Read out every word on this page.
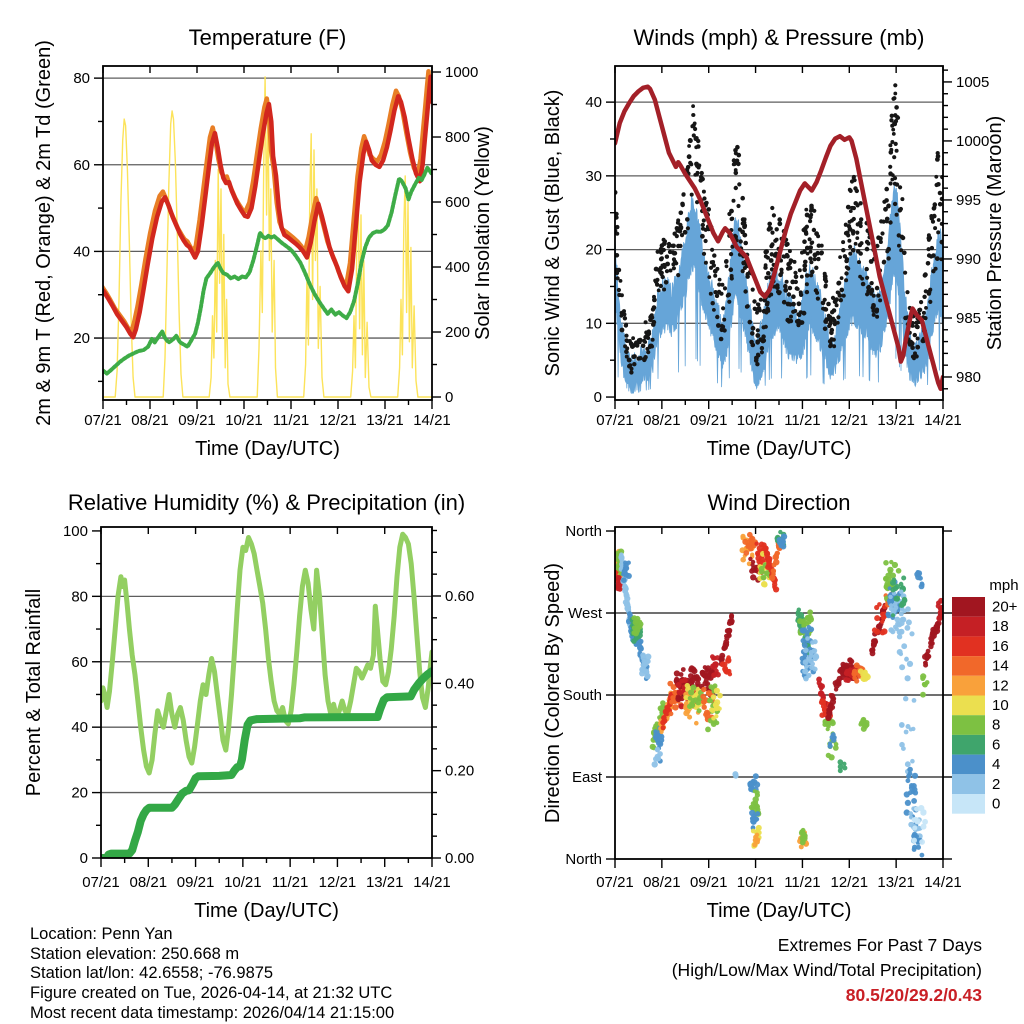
07/21 08/21 09/21 10/21 11/21 12/21 13/21 14/21
20
40
60
80
0
200
400
600
800
1000
Temperature (F)
Time (Day/UTC)
2m & 9m T (Red, Orange) & 2m Td (Green)	Solar Insolation (Yellow)
07/21 08/21 09/21 10/21 11/21 12/21 13/21 14/21
0
10
20
30
40
980
985
990
995
1000
1005
Winds (mph) & Pressure (mb)
Time (Day/UTC)
Sonic Wind & Gust (Blue, Black)	Station Pressure (Maroon)
07/21 08/21 09/21 10/21 11/21 12/21 13/21 14/21
0
20
40
60
80
100
0.00
0.20
0.40
0.60
Relative Humidity (%) & Precipitation (in)
Time (Day/UTC)
Percent & Total Rainfall
07/21 08/21 09/21 10/21 11/21 12/21 13/21 14/21
North
West
South
East
North
Wind Direction
Time (Day/UTC)
Direction (Colored By Speed)	mph
20+
18
16
14
12
10
8
6
4
2
0
Location: Penn Yan
Station elevation: 250.668 m
Station lat/lon: 42.6558; -76.9875
Figure created on Tue, 2026-04-14, at 21:32 UTC
Most recent data timestamp: 2026/04/14 21:15:00
Extremes For Past 7 Days
(High/Low/Max Wind/Total Precipitation)
80.5/20/29.2/0.43
